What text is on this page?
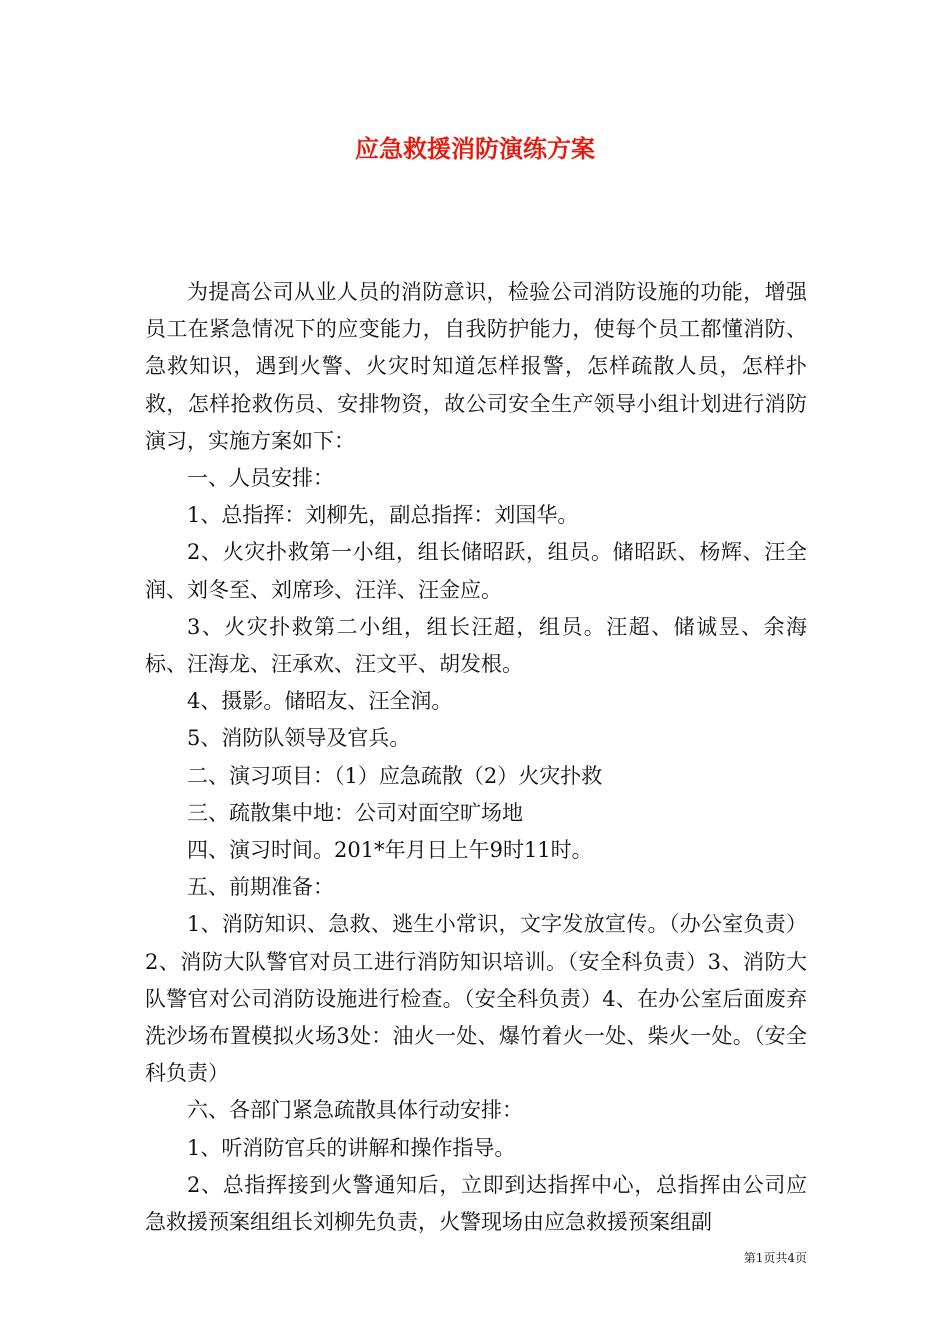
应急救援消防演练方案

为提高公司从业人员的消防意识，检验公司消防设施的功能，增强员工在紧急情况下的应变能力，自我防护能力，使每个员工都懂消防、急救知识，遇到火警、火灾时知道怎样报警，怎样疏散人员，怎样扑救，怎样抢救伤员、安排物资，故公司安全生产领导小组计划进行消防演习，实施方案如下：

一、人员安排：

1、总指挥：刘柳先，副总指挥：刘国华。

2、火灾扑救第一小组，组长储昭跃，组员。储昭跃、杨辉、汪全润、刘冬至、刘席珍、汪洋、汪金应。

3、火灾扑救第二小组，组长汪超，组员。汪超、储诚昱、余海标、汪海龙、汪承欢、汪文平、胡发根。

4、摄影。储昭友、汪全润。

5、消防队领导及官兵。

二、演习项目：（1）应急疏散（2）火灾扑救

三、疏散集中地：公司对面空旷场地

四、演习时间。201*年月日上午9时11时。

五、前期准备：

1、消防知识、急救、逃生小常识，文字发放宣传。（办公室负责）2、消防大队警官对员工进行消防知识培训。（安全科负责）3、消防大队警官对公司消防设施进行检查。（安全科负责）4、在办公室后面废弃洗沙场布置模拟火场3处：油火一处、爆竹着火一处、柴火一处。（安全科负责）

六、各部门紧急疏散具体行动安排：

1、听消防官兵的讲解和操作指导。

2、总指挥接到火警通知后，立即到达指挥中心，总指挥由公司应急救援预案组组长刘柳先负责，火警现场由应急救援预案组副

第1页共4页
